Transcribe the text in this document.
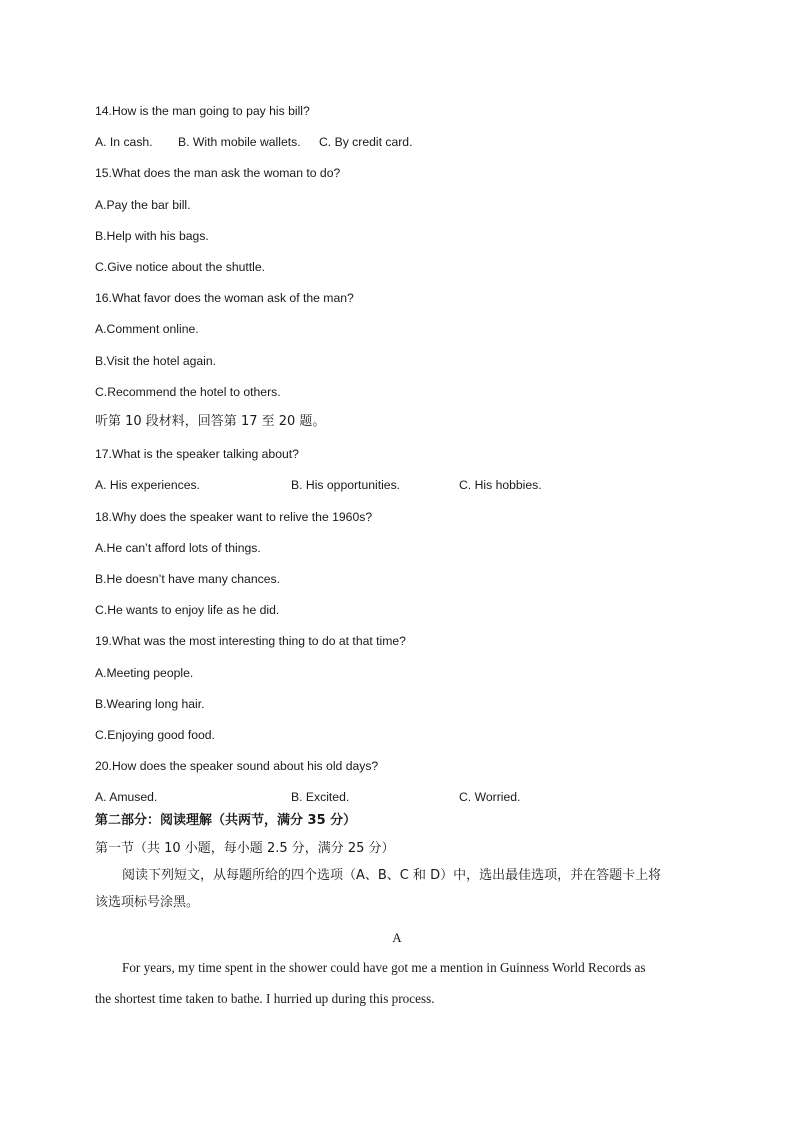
14.How is the man going to pay his bill?
A. In cash. B. With mobile wallets. C. By credit card.
15.What does the man ask the woman to do?
A.Pay the bar bill.
B.Help with his bags.
C.Give notice about the shuttle.
16.What favor does the woman ask of the man?
A.Comment online.
B.Visit the hotel again.
C.Recommend the hotel to others.
听第 10 段材料，回答第 17 至 20 题。
17.What is the speaker talking about?
A. His experiences.	B. His opportunities.	C. His hobbies.
18.Why does the speaker want to relive the 1960s?
A.He can’t afford lots of things.
B.He doesn’t have many chances.
C.He wants to enjoy life as he did.
19.What was the most interesting thing to do at that time?
A.Meeting people.
B.Wearing long hair.
C.Enjoying good food.
20.How does the speaker sound about his old days?
A. Amused.	B. Excited.	C. Worried.
第二部分：阅读理解（共两节，满分 35 分）
第一节（共 10 小题，每小题 2.5 分，满分 25 分）
阅读下列短文，从每题所给的四个选项（A、B、C 和 D）中，选出最佳选项，并在答题卡上将
该选项标号涂黑。
A
For years, my time spent in the shower could have got me a mention in Guinness World Records as
the shortest time taken to bathe. I hurried up during this process.
